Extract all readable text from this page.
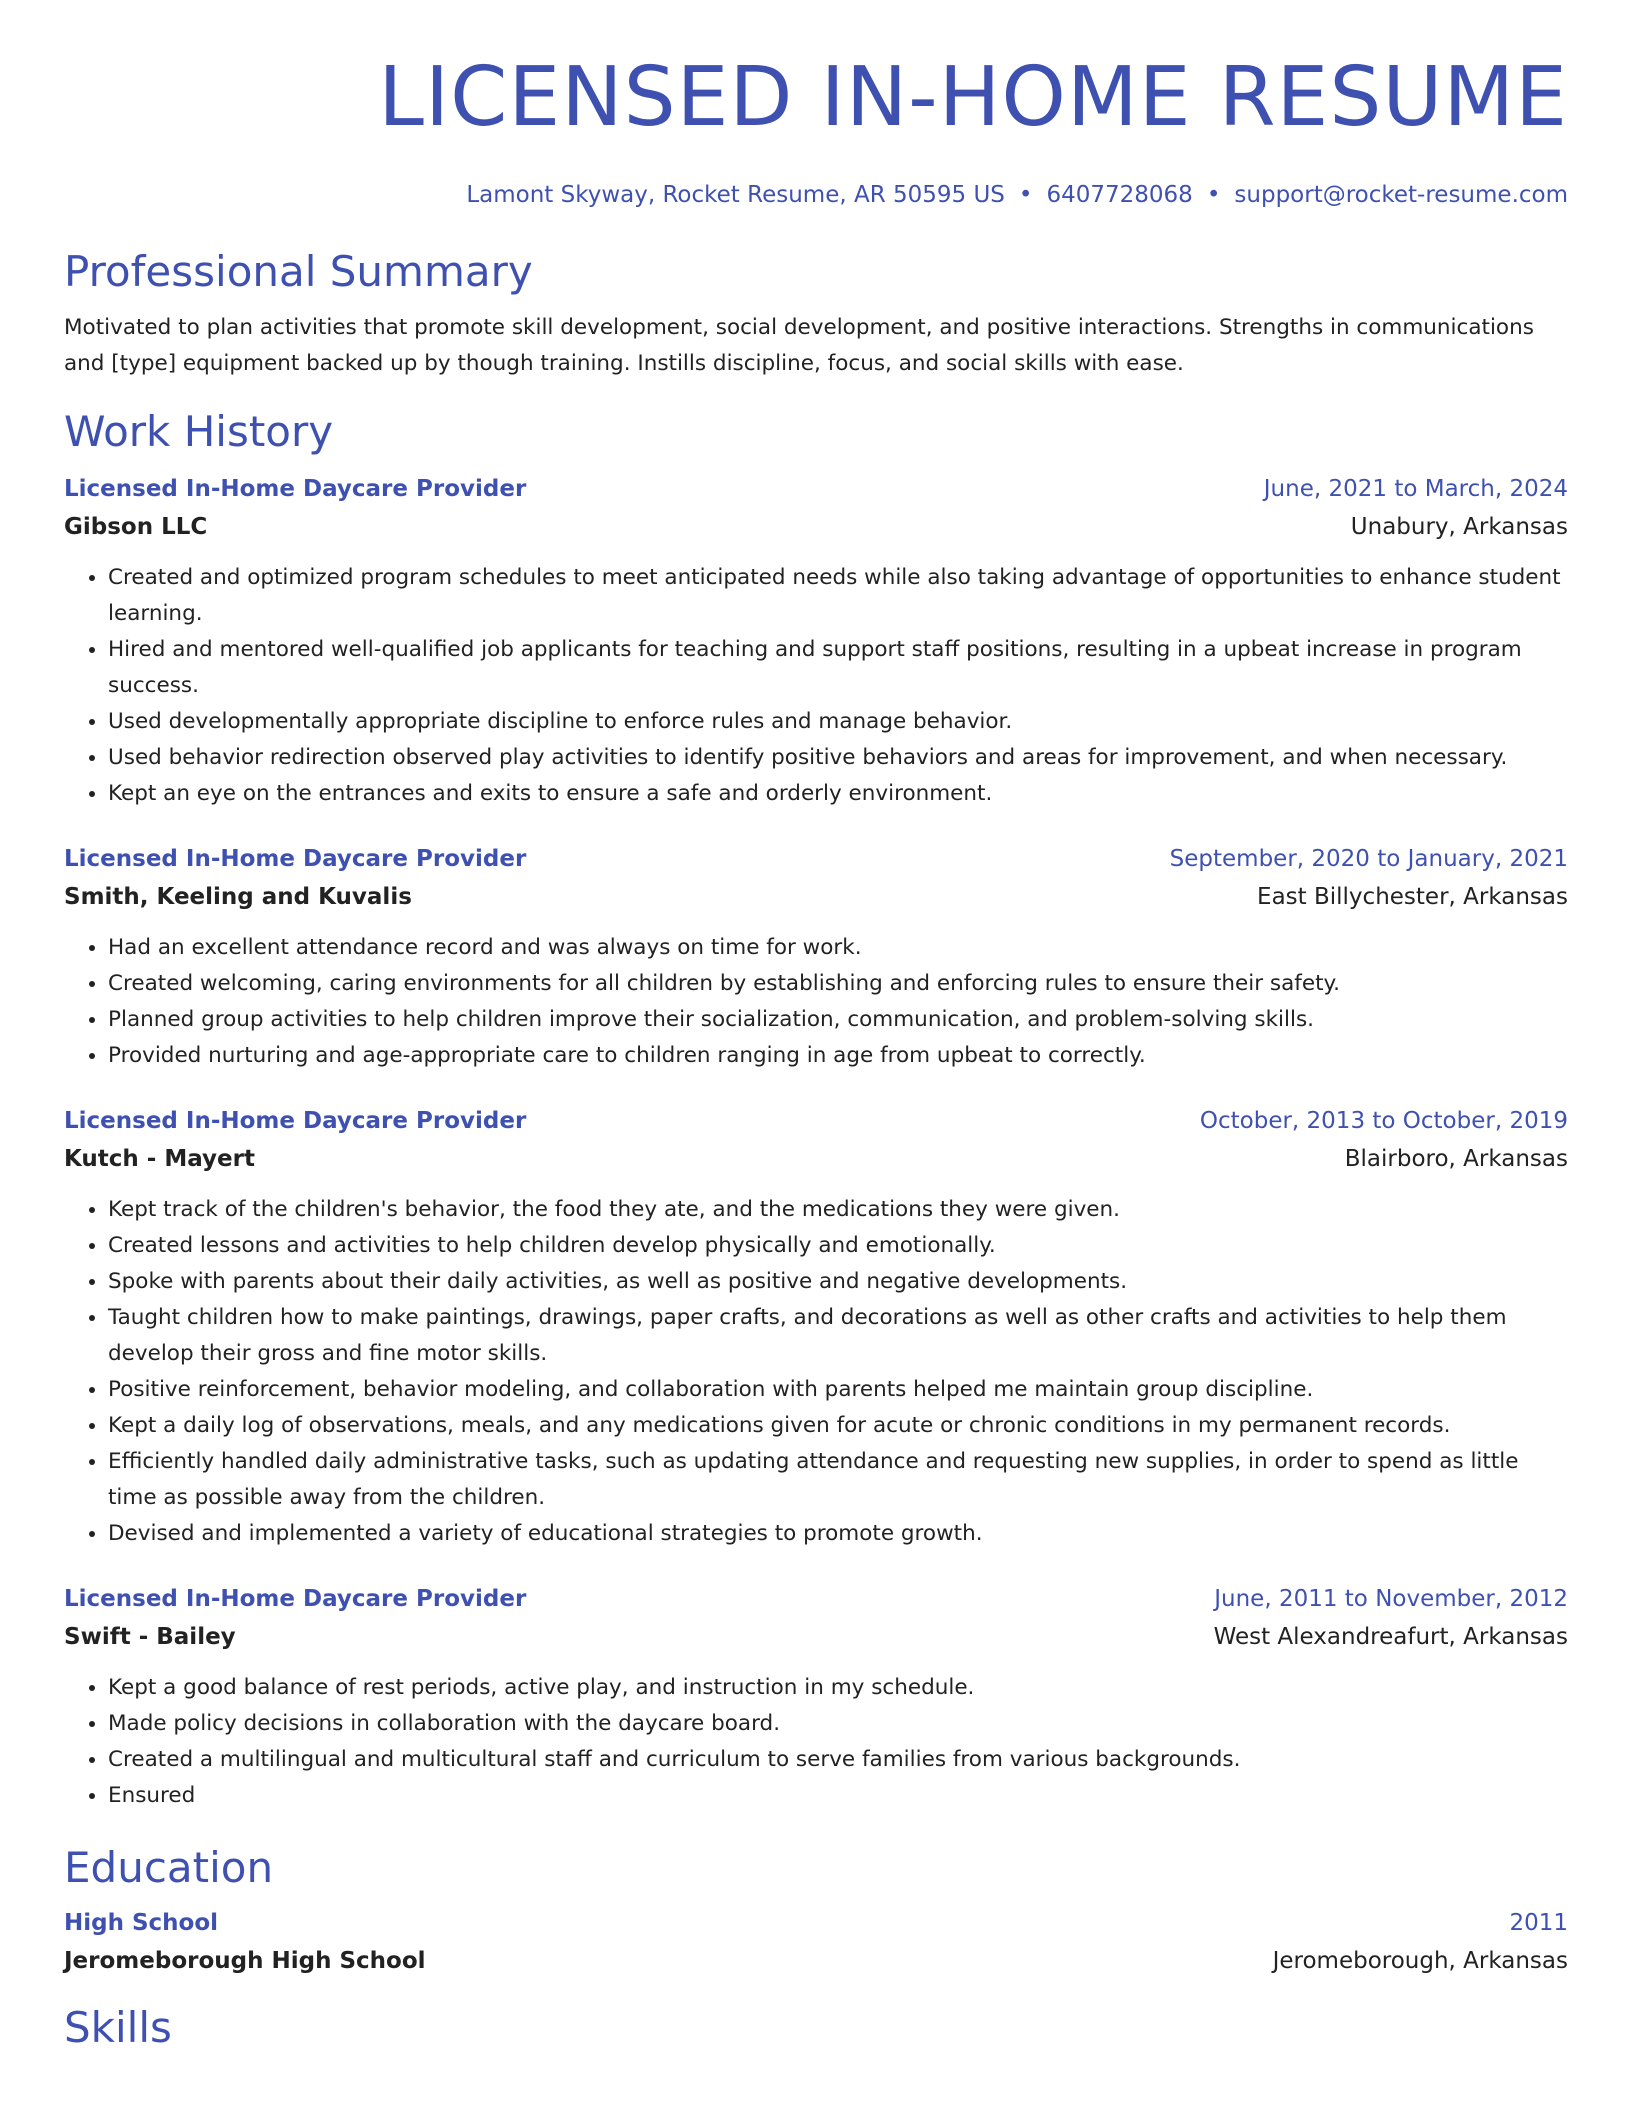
LICENSED IN-HOME RESUME
Lamont Skyway, Rocket Resume, AR 50595 US • 6407728068 • support@rocket-resume.com
Professional Summary

Motivated to plan activities that promote skill development, social development, and positive interactions. Strengths in communications and [type] equipment backed up by though training. Instills discipline, focus, and social skills with ease.

Work History
Licensed In-Home Daycare Provider	June, 2021 to March, 2024
Gibson LLC	Unabury, Arkansas
• Created and optimized program schedules to meet anticipated needs while also taking advantage of opportunities to enhance student learning.
• Hired and mentored well-qualified job applicants for teaching and support staff positions, resulting in a upbeat increase in program success.
• Used developmentally appropriate discipline to enforce rules and manage behavior.
• Used behavior redirection observed play activities to identify positive behaviors and areas for improvement, and when necessary.
• Kept an eye on the entrances and exits to ensure a safe and orderly environment.
Licensed In-Home Daycare Provider	September, 2020 to January, 2021
Smith, Keeling and Kuvalis	East Billychester, Arkansas
• Had an excellent attendance record and was always on time for work.
• Created welcoming, caring environments for all children by establishing and enforcing rules to ensure their safety.
• Planned group activities to help children improve their socialization, communication, and problem-solving skills.
• Provided nurturing and age-appropriate care to children ranging in age from upbeat to correctly.
Licensed In-Home Daycare Provider	October, 2013 to October, 2019
Kutch - Mayert	Blairboro, Arkansas
• Kept track of the children's behavior, the food they ate, and the medications they were given.
• Created lessons and activities to help children develop physically and emotionally.
• Spoke with parents about their daily activities, as well as positive and negative developments.
• Taught children how to make paintings, drawings, paper crafts, and decorations as well as other crafts and activities to help them develop their gross and fine motor skills.
• Positive reinforcement, behavior modeling, and collaboration with parents helped me maintain group discipline.
• Kept a daily log of observations, meals, and any medications given for acute or chronic conditions in my permanent records.
• Efficiently handled daily administrative tasks, such as updating attendance and requesting new supplies, in order to spend as little time as possible away from the children.
• Devised and implemented a variety of educational strategies to promote growth.
Licensed In-Home Daycare Provider	June, 2011 to November, 2012
Swift - Bailey	West Alexandreafurt, Arkansas
• Kept a good balance of rest periods, active play, and instruction in my schedule.
• Made policy decisions in collaboration with the daycare board.
• Created a multilingual and multicultural staff and curriculum to serve families from various backgrounds.
• Ensured
Education
High School	2011
Jeromeborough High School	Jeromeborough, Arkansas
Skills
